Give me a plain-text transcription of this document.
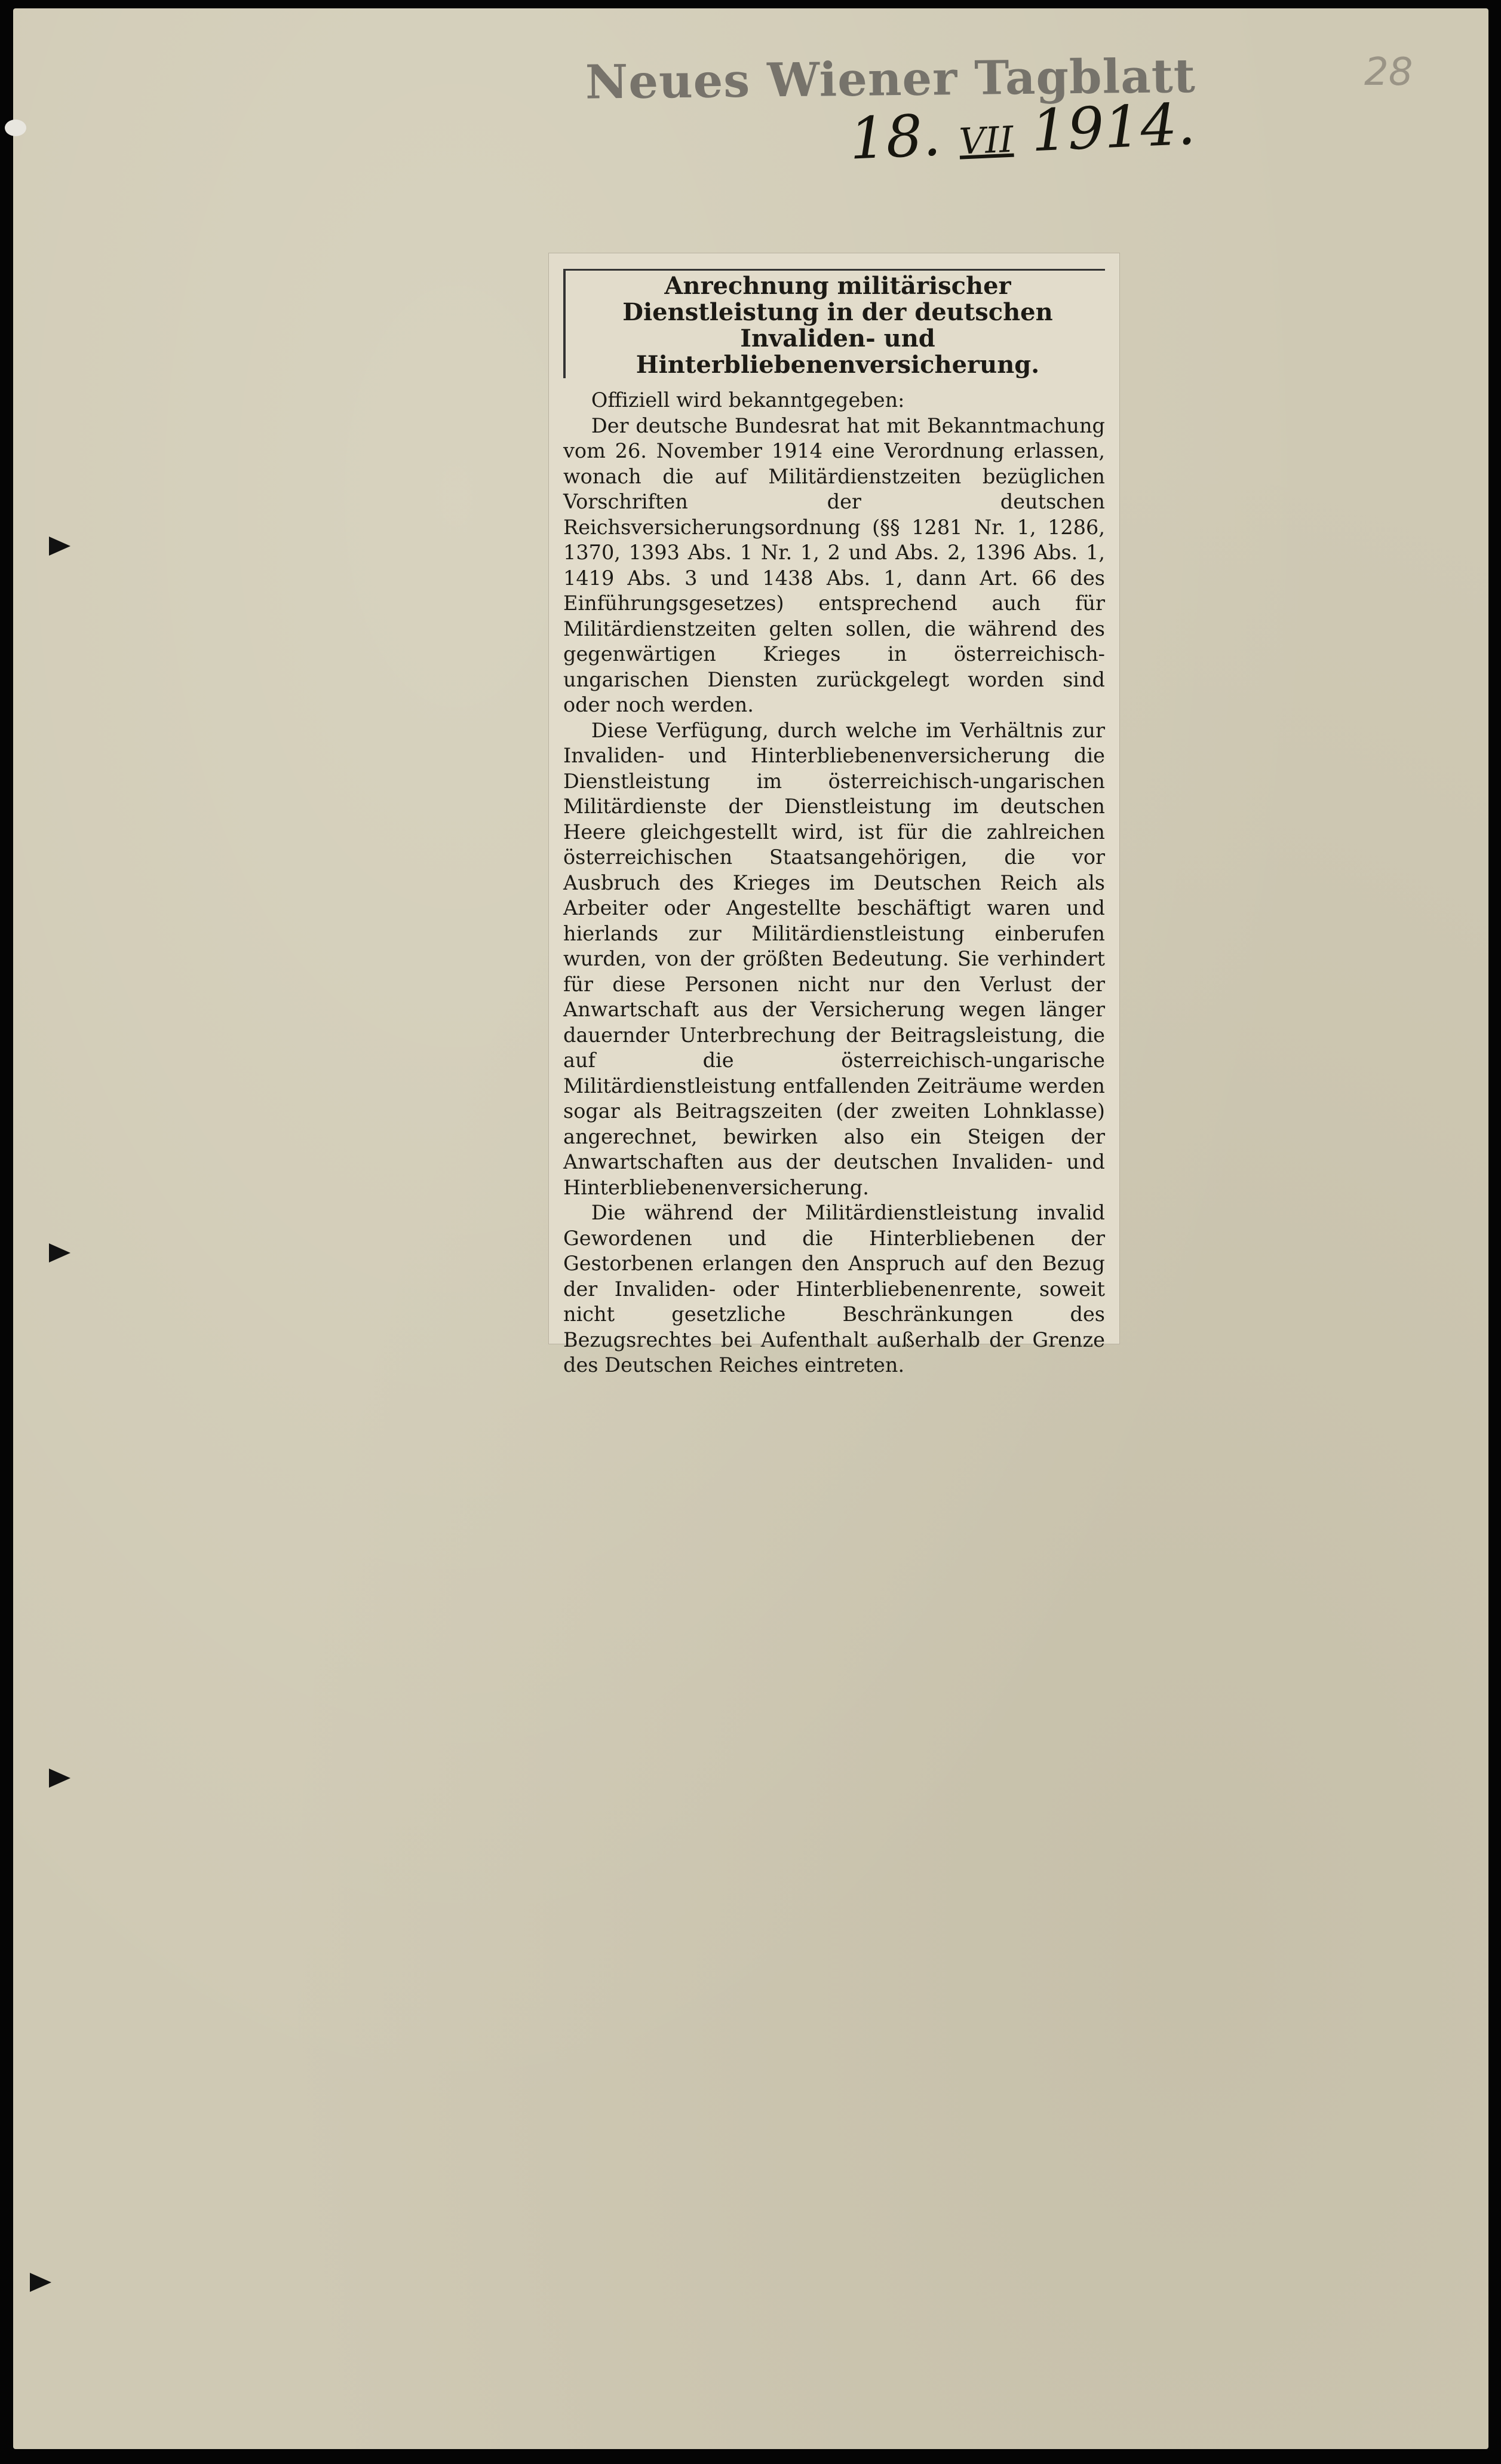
Neues Wiener Tagblatt	28
18. VII 1914.
Anrechnung militärischer Dienstleistung in der deutschen Invaliden- und Hinterbliebenenversicherung.

Offiziell wird bekanntgegeben:

Der deutsche Bundesrat hat mit Bekanntmachung vom 26. November 1914 eine Verordnung erlassen, wonach die auf Militärdienstzeiten bezüglichen Vorschriften der deutschen Reichsversicherungsordnung (§§ 1281 Nr. 1, 1286, 1370, 1393 Abs. 1 Nr. 1, 2 und Abs. 2, 1396 Abs. 1, 1419 Abs. 3 und 1438 Abs. 1, dann Art. 66 des Einführungsgesetzes) entsprechend auch für Militärdienstzeiten gelten sollen, die während des gegenwärtigen Krieges in österreichisch-ungarischen Diensten zurückgelegt worden sind oder noch werden.

Diese Verfügung, durch welche im Verhältnis zur Invaliden- und Hinterbliebenenversicherung die Dienstleistung im österreichisch-ungarischen Militärdienste der Dienstleistung im deutschen Heere gleichgestellt wird, ist für die zahlreichen österreichischen Staatsangehörigen, die vor Ausbruch des Krieges im Deutschen Reich als Arbeiter oder Angestellte beschäftigt waren und hierlands zur Militärdienstleistung einberufen wurden, von der größten Bedeutung. Sie verhindert für diese Personen nicht nur den Verlust der Anwartschaft aus der Versicherung wegen länger dauernder Unterbrechung der Beitragsleistung, die auf die österreichisch-ungarische Militärdienstleistung entfallenden Zeiträume werden sogar als Beitragszeiten (der zweiten Lohnklasse) angerechnet, bewirken also ein Steigen der Anwartschaften aus der deutschen Invaliden- und Hinterbliebenenversicherung.

Die während der Militärdienstleistung invalid Gewordenen und die Hinterbliebenen der Gestorbenen erlangen den Anspruch auf den Bezug der Invaliden- oder Hinterbliebenenrente, soweit nicht gesetzliche Beschränkungen des Bezugsrechtes bei Aufenthalt außerhalb der Grenze des Deutschen Reiches eintreten.
